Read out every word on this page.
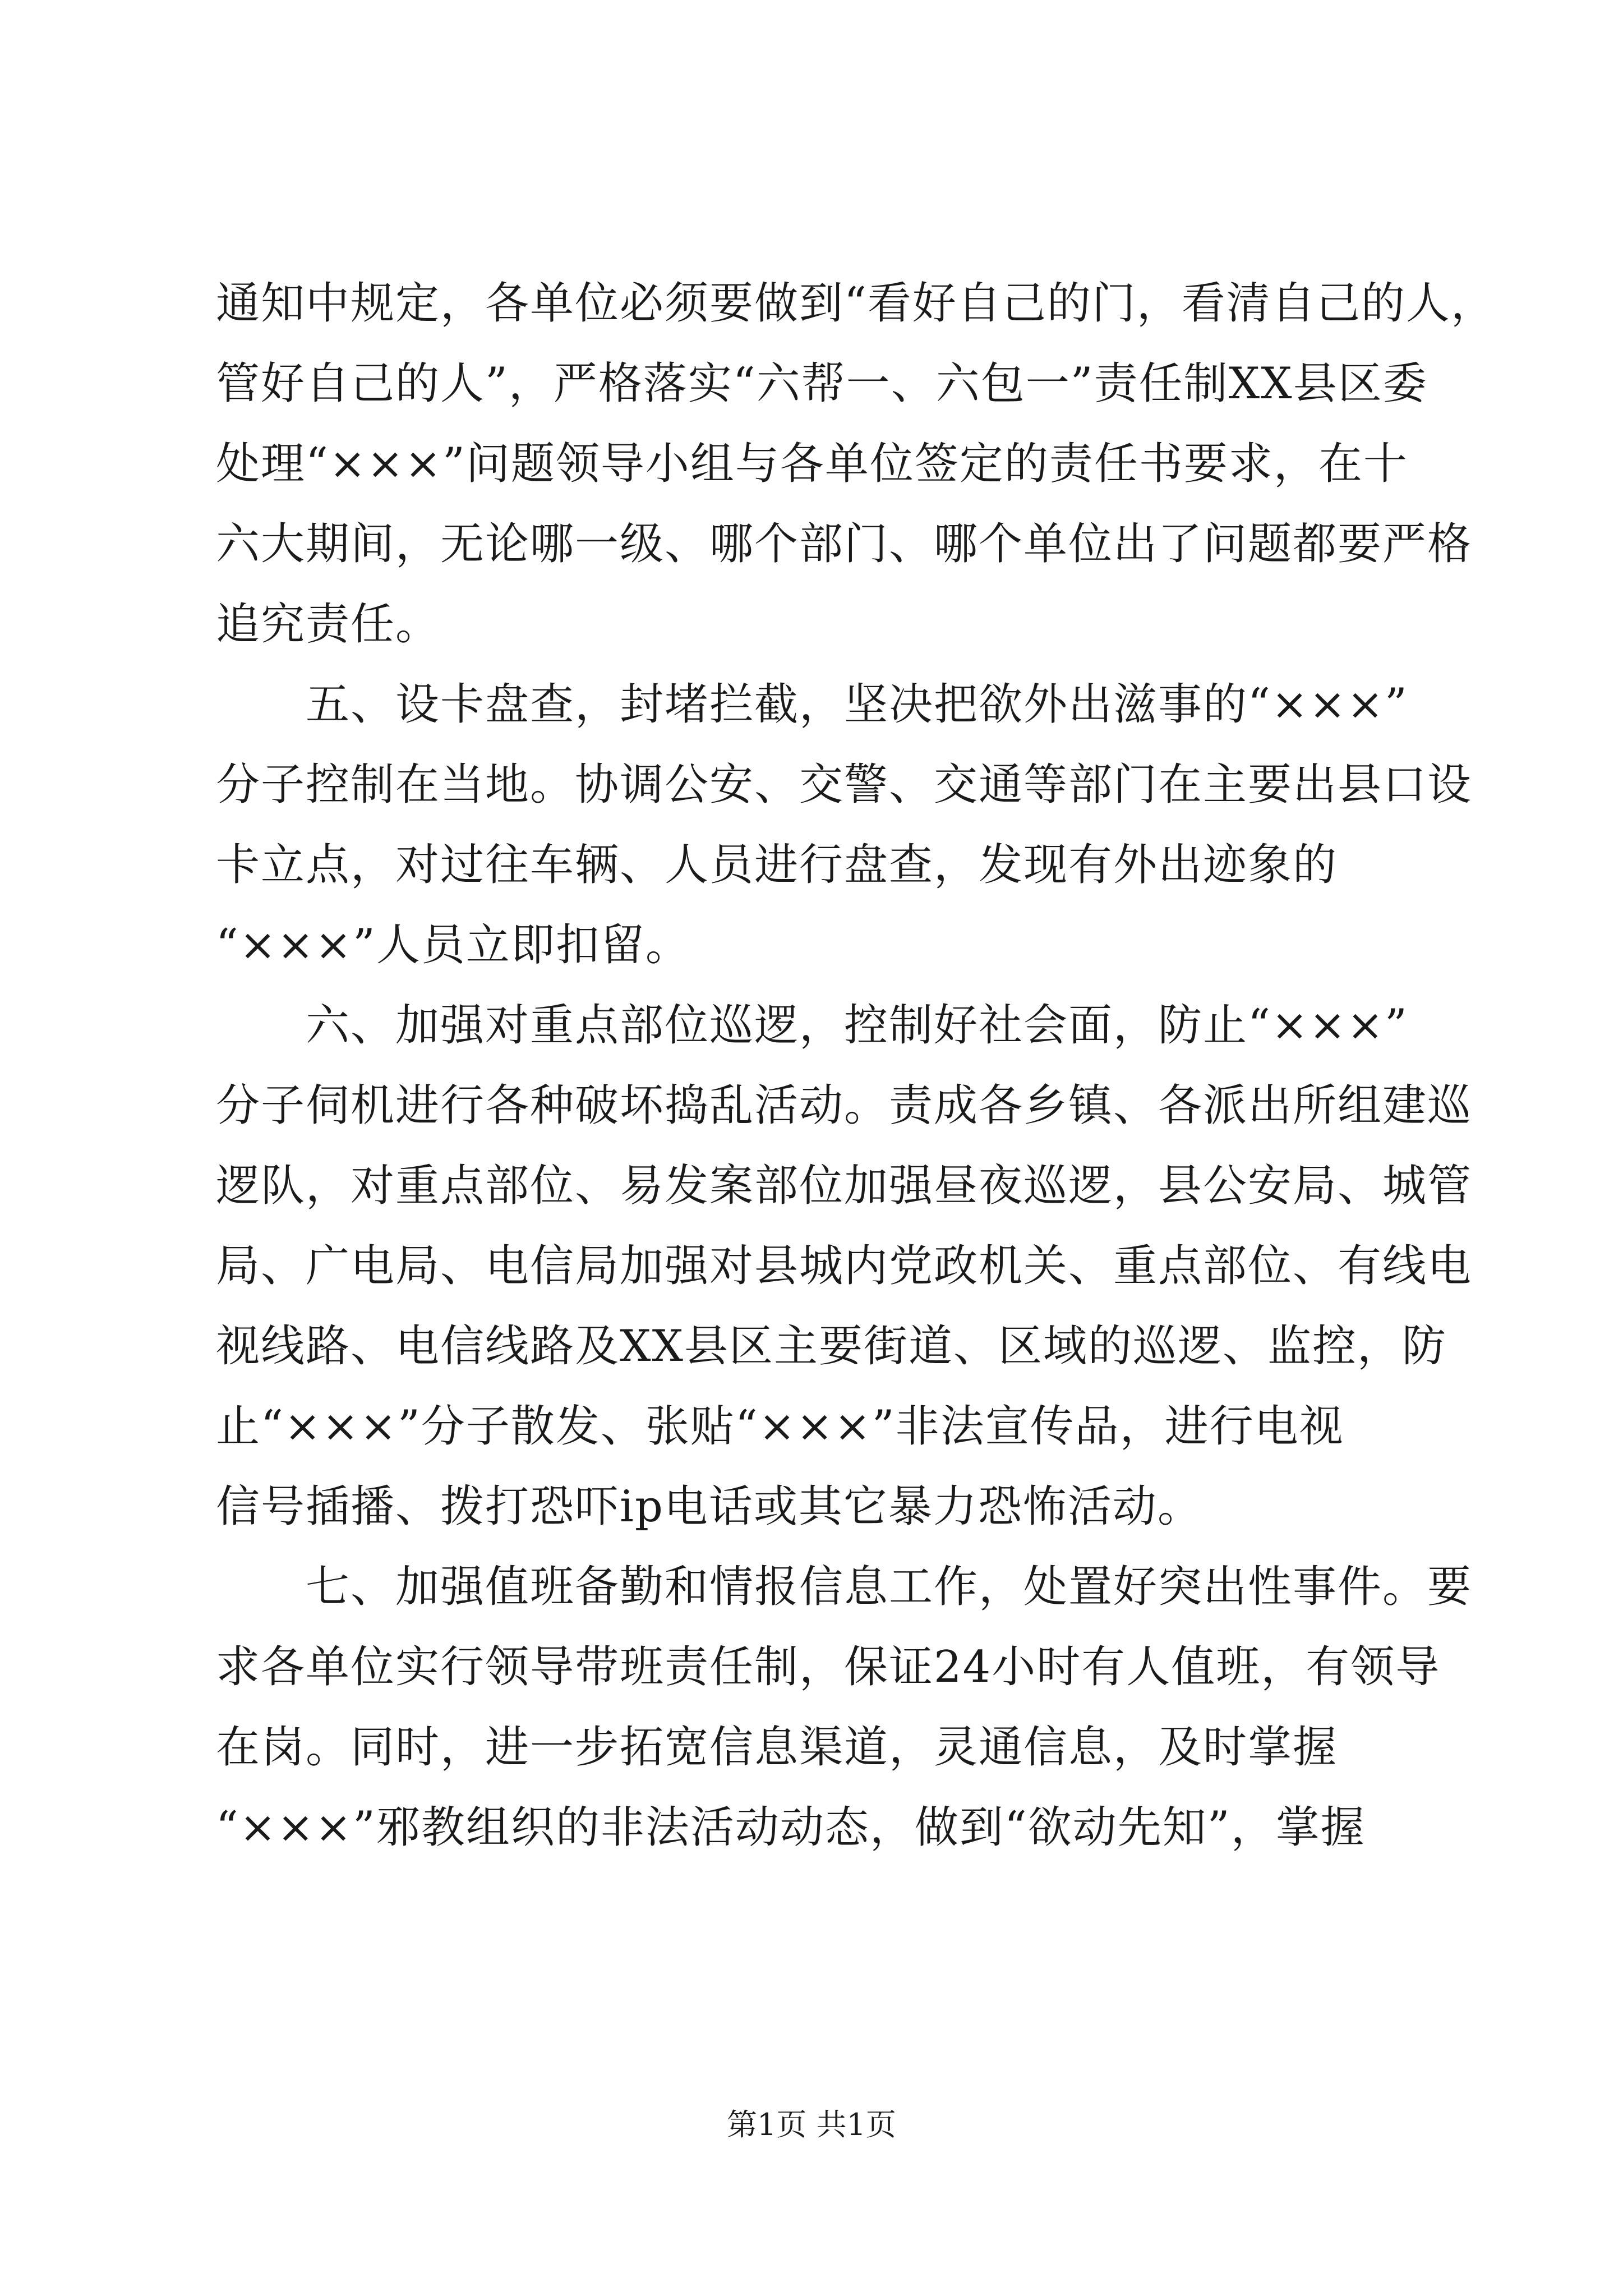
通知中规定，各单位必须要做到“看好自己的门，看清自己的人，
管好自己的人”，严格落实“六帮一、六包一”责任制XX县区委
处理“×××”问题领导小组与各单位签定的责任书要求，在十
六大期间，无论哪一级、哪个部门、哪个单位出了问题都要严格
追究责任。
　　五、设卡盘查，封堵拦截，坚决把欲外出滋事的“×××”
分子控制在当地。协调公安、交警、交通等部门在主要出县口设
卡立点，对过往车辆、人员进行盘查，发现有外出迹象的
“×××”人员立即扣留。
　　六、加强对重点部位巡逻，控制好社会面，防止“×××”
分子伺机进行各种破坏捣乱活动。责成各乡镇、各派出所组建巡
逻队，对重点部位、易发案部位加强昼夜巡逻，县公安局、城管
局、广电局、电信局加强对县城内党政机关、重点部位、有线电
视线路、电信线路及XX县区主要街道、区域的巡逻、监控，防
止“×××”分子散发、张贴“×××”非法宣传品，进行电视
信号插播、拨打恐吓ip电话或其它暴力恐怖活动。
　　七、加强值班备勤和情报信息工作，处置好突出性事件。要
求各单位实行领导带班责任制，保证24小时有人值班，有领导
在岗。同时，进一步拓宽信息渠道，灵通信息，及时掌握
“×××”邪教组织的非法活动动态，做到“欲动先知”，掌握
第1页 共1页
